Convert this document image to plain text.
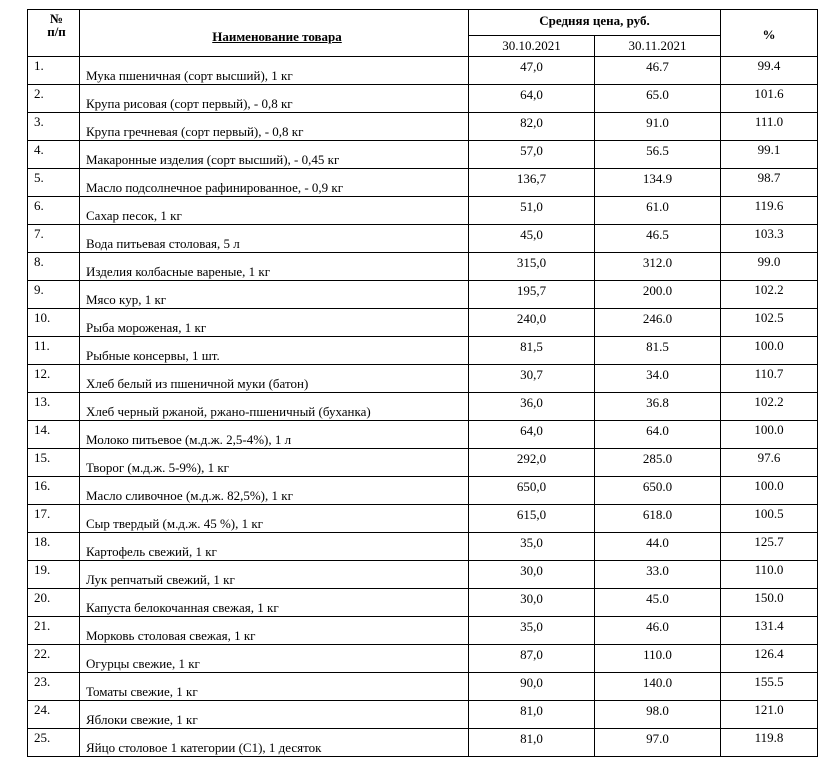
№
п/п	Наименование товара	Средняя цена, руб.		%
		30.10.2021	30.11.2021	
1.	Мука пшеничная (сорт высший), 1 кг	47,0	46.7	99.4
2.	Крупа рисовая (сорт первый), - 0,8 кг	64,0	65.0	101.6
3.	Крупа гречневая (сорт первый), - 0,8 кг	82,0	91.0	111.0
4.	Макаронные изделия (сорт высший), - 0,45 кг	57,0	56.5	99.1
5.	Масло подсолнечное рафинированное, - 0,9 кг	136,7	134.9	98.7
6.	Сахар песок, 1 кг	51,0	61.0	119.6
7.	Вода питьевая столовая, 5 л	45,0	46.5	103.3
8.	Изделия колбасные вареные, 1 кг	315,0	312.0	99.0
9.	Мясо кур, 1 кг	195,7	200.0	102.2
10.	Рыба мороженая, 1 кг	240,0	246.0	102.5
11.	Рыбные консервы, 1 шт.	81,5	81.5	100.0
12.	Хлеб белый из пшеничной муки (батон)	30,7	34.0	110.7
13.	Хлеб черный ржаной, ржано-пшеничный (буханка)	36,0	36.8	102.2
14.	Молоко питьевое (м.д.ж. 2,5-4%), 1 л	64,0	64.0	100.0
15.	Творог (м.д.ж. 5-9%), 1 кг	292,0	285.0	97.6
16.	Масло сливочное (м.д.ж. 82,5%), 1 кг	650,0	650.0	100.0
17.	Сыр твердый (м.д.ж. 45 %), 1 кг	615,0	618.0	100.5
18.	Картофель свежий, 1 кг	35,0	44.0	125.7
19.	Лук репчатый свежий, 1 кг	30,0	33.0	110.0
20.	Капуста белокочанная свежая, 1 кг	30,0	45.0	150.0
21.	Морковь столовая свежая, 1 кг	35,0	46.0	131.4
22.	Огурцы свежие, 1 кг	87,0	110.0	126.4
23.	Томаты свежие, 1 кг	90,0	140.0	155.5
24.	Яблоки свежие, 1 кг	81,0	98.0	121.0
25.	Яйцо столовое 1 категории (С1), 1 десяток	81,0	97.0	119.8
